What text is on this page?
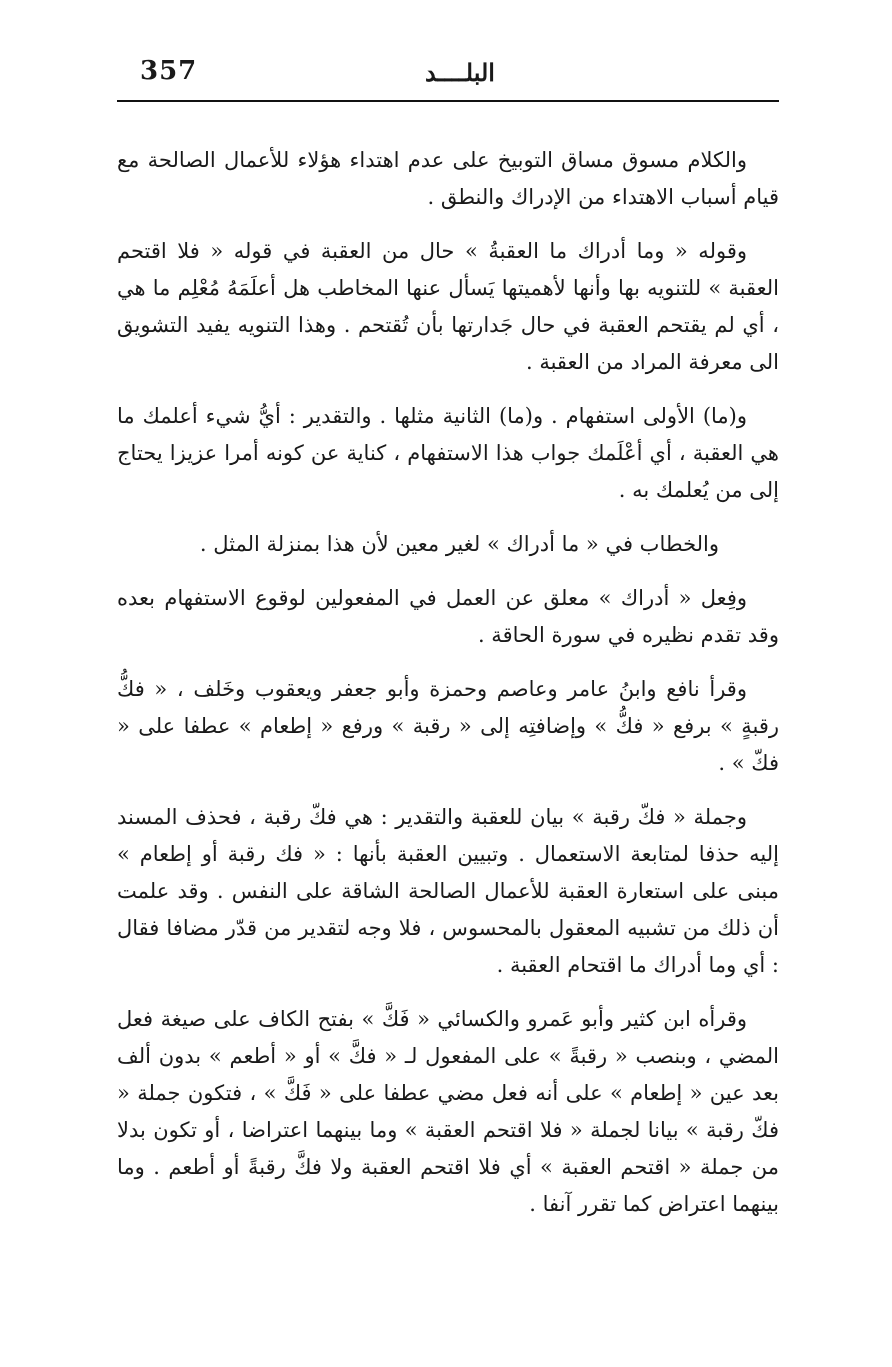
357	البلــــد

والكلام مسوق مساق التوبيخ على عدم اهتداء هؤلاء للأعمال الصالحة مع قيام أسباب الاهتداء من الإدراك والنطق .

وقوله « وما أدراك ما العقبةُ » حال من العقبة في قوله « فلا اقتحم العقبة » للتنويه بها وأنها لأهميتها يَسأل عنها المخاطب هل أعلَمَهُ مُعْلِم ما هي ، أي لم يقتحم العقبة في حال جَدارتها بأن تُقتحم . وهذا التنويه يفيد التشويق الى معرفة المراد من العقبة .

و(ما) الأولى استفهام . و(ما) الثانية مثلها . والتقدير : أيُّ شيء أعلمك ما هي العقبة ، أي أعْلَمك جواب هذا الاستفهام ، كناية عن كونه أمرا عزيزا يحتاج إلى من يُعلمك به .

والخطاب في « ما أدراك » لغير معين لأن هذا بمنزلة المثل .

وفِعل « أدراك » معلق عن العمل في المفعولين لوقوع الاستفهام بعده وقد تقدم نظيره في سورة الحاقة .

وقرأ نافع وابنُ عامر وعاصم وحمزة وأبو جعفر ويعقوب وخَلف ، « فكُّ رقبةٍ » برفع « فكُّ » وإضافتِه إلى « رقبة » ورفع « إطعام » عطفا على « فكّ » .

وجملة « فكّ رقبة » بيان للعقبة والتقدير : هي فكّ رقبة ، فحذف المسند إليه حذفا لمتابعة الاستعمال . وتبيين العقبة بأنها : « فك رقبة أو إطعام » مبنى على استعارة العقبة للأعمال الصالحة الشاقة على النفس . وقد علمت أن ذلك من تشبيه المعقول بالمحسوس ، فلا وجه لتقدير من قدّر مضافا فقال : أي وما أدراك ما اقتحام العقبة .

وقرأه ابن كثير وأبو عَمرو والكسائي « فَكَّ » بفتح الكاف على صيغة فعل المضي ، وبنصب « رقبةً » على المفعول لـ « فكَّ » أو « أطعم » بدون ألف بعد عين « إطعام » على أنه فعل مضي عطفا على « فَكَّ » ، فتكون جملة « فكّ رقبة » بيانا لجملة « فلا اقتحم العقبة » وما بينهما اعتراضا ، أو تكون بدلا من جملة « اقتحم العقبة » أي فلا اقتحم العقبة ولا فكَّ رقبةً أو أطعم . وما بينهما اعتراض كما تقرر آنفا .
